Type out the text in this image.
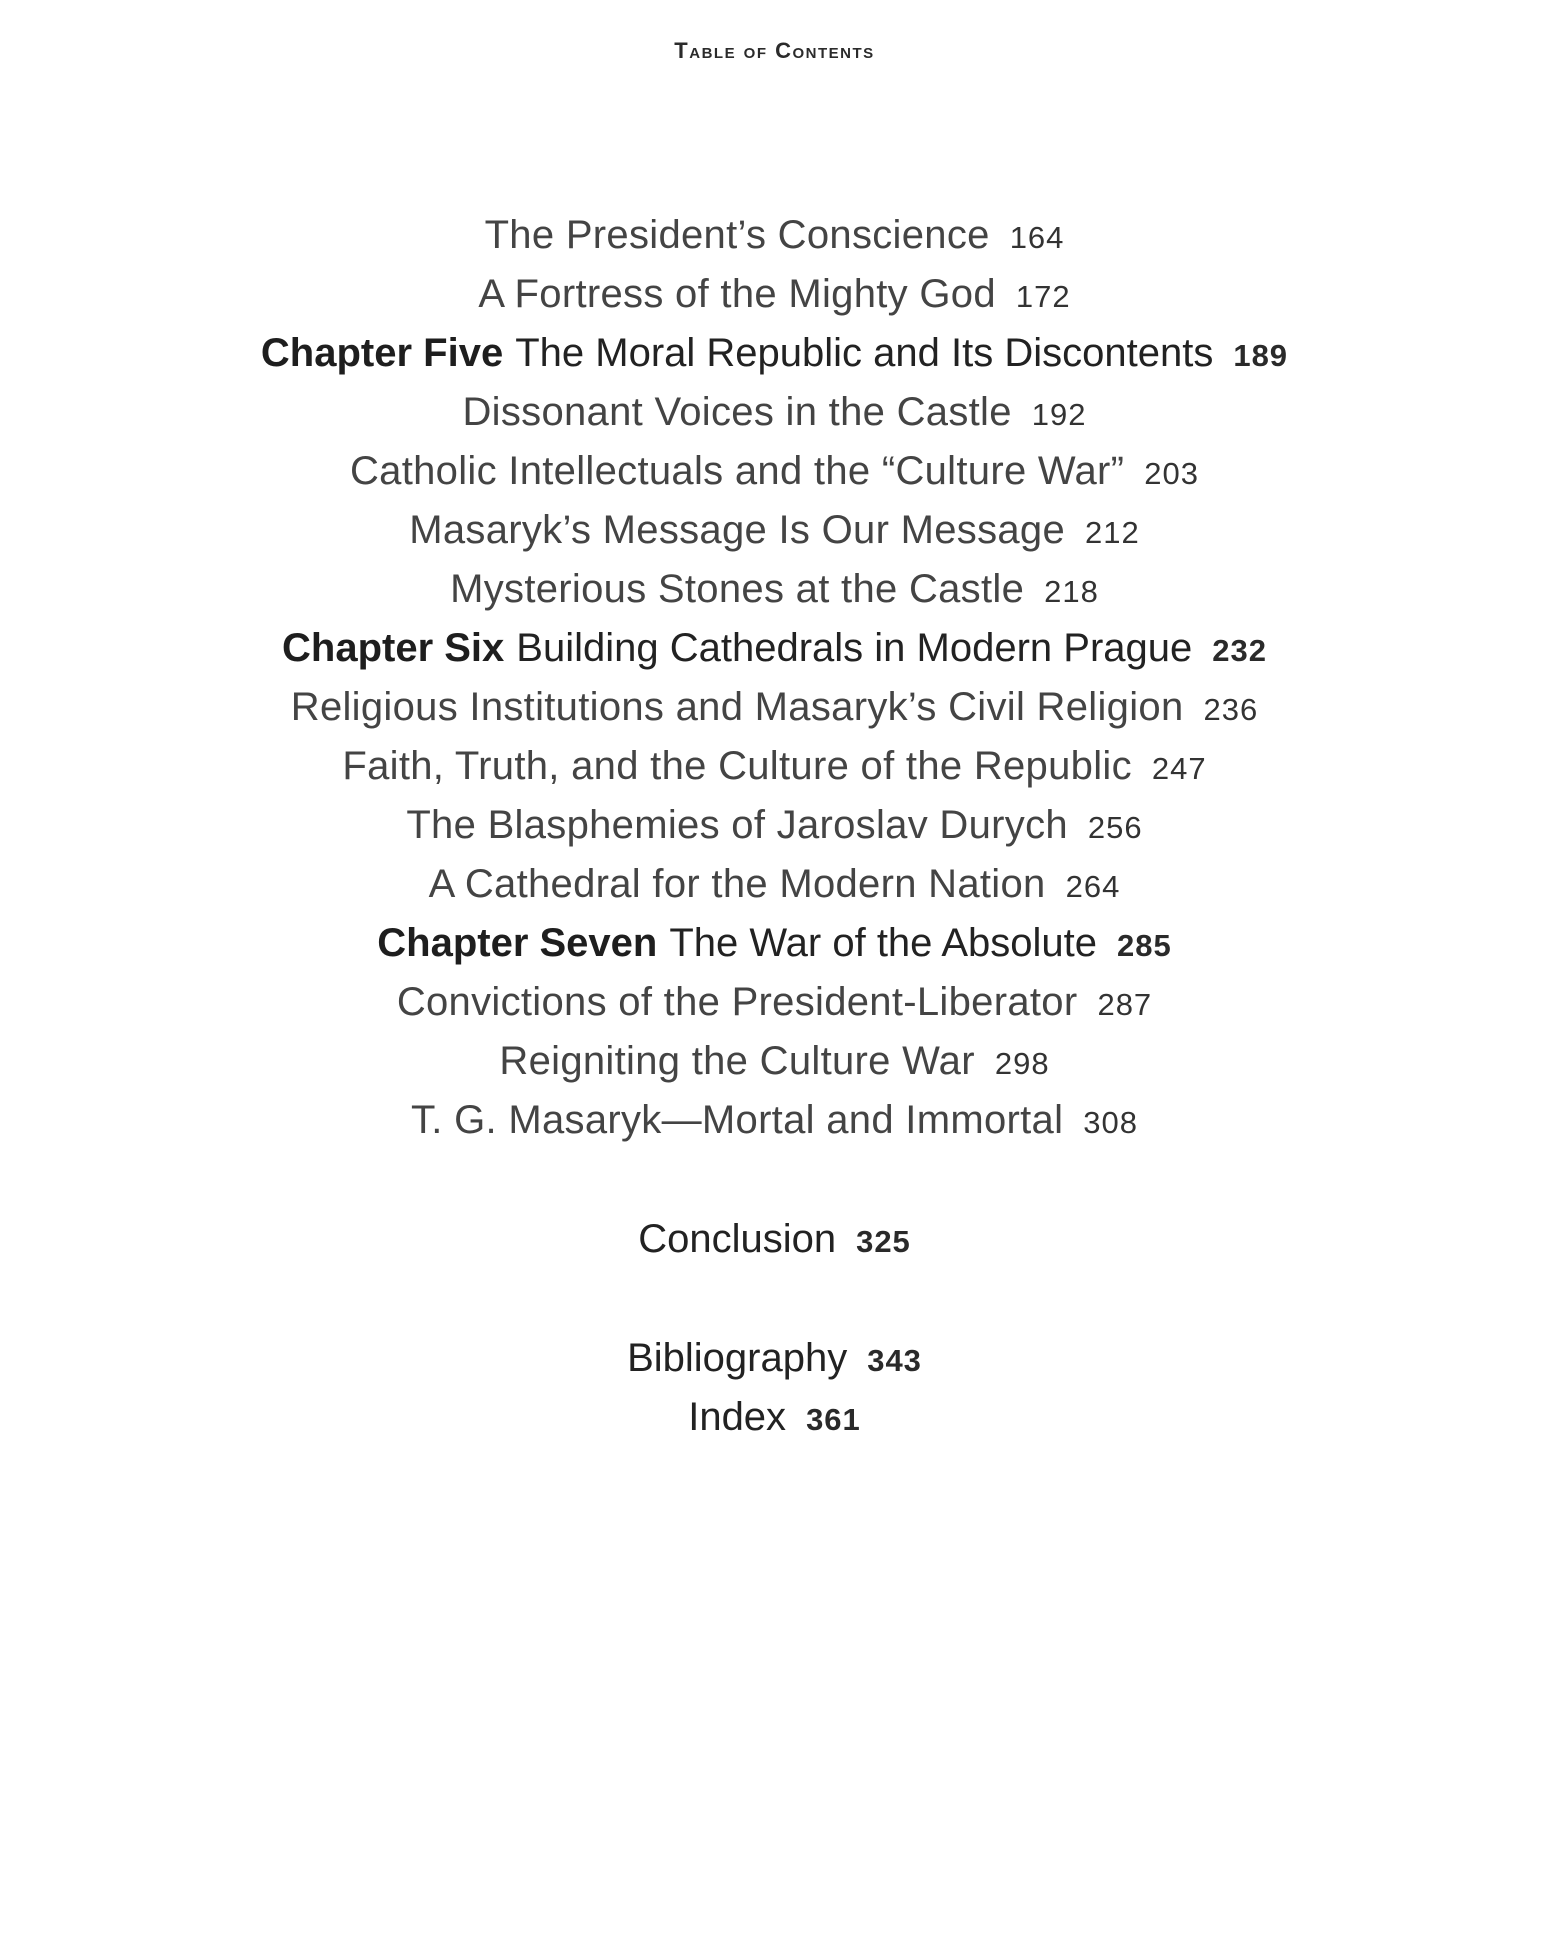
Table of Contents
The President’s Conscience 164
A Fortress of the Mighty God 172
Chapter Five The Moral Republic and Its Discontents 189
Dissonant Voices in the Castle 192
Catholic Intellectuals and the “Culture War” 203
Masaryk’s Message Is Our Message 212
Mysterious Stones at the Castle 218
Chapter Six Building Cathedrals in Modern Prague 232
Religious Institutions and Masaryk’s Civil Religion 236
Faith, Truth, and the Culture of the Republic 247
The Blasphemies of Jaroslav Durych 256
A Cathedral for the Modern Nation 264
Chapter Seven The War of the Absolute 285
Convictions of the President-Liberator 287
Reigniting the Culture War 298
T. G. Masaryk—Mortal and Immortal 308
Conclusion 325
Bibliography 343
Index 361
